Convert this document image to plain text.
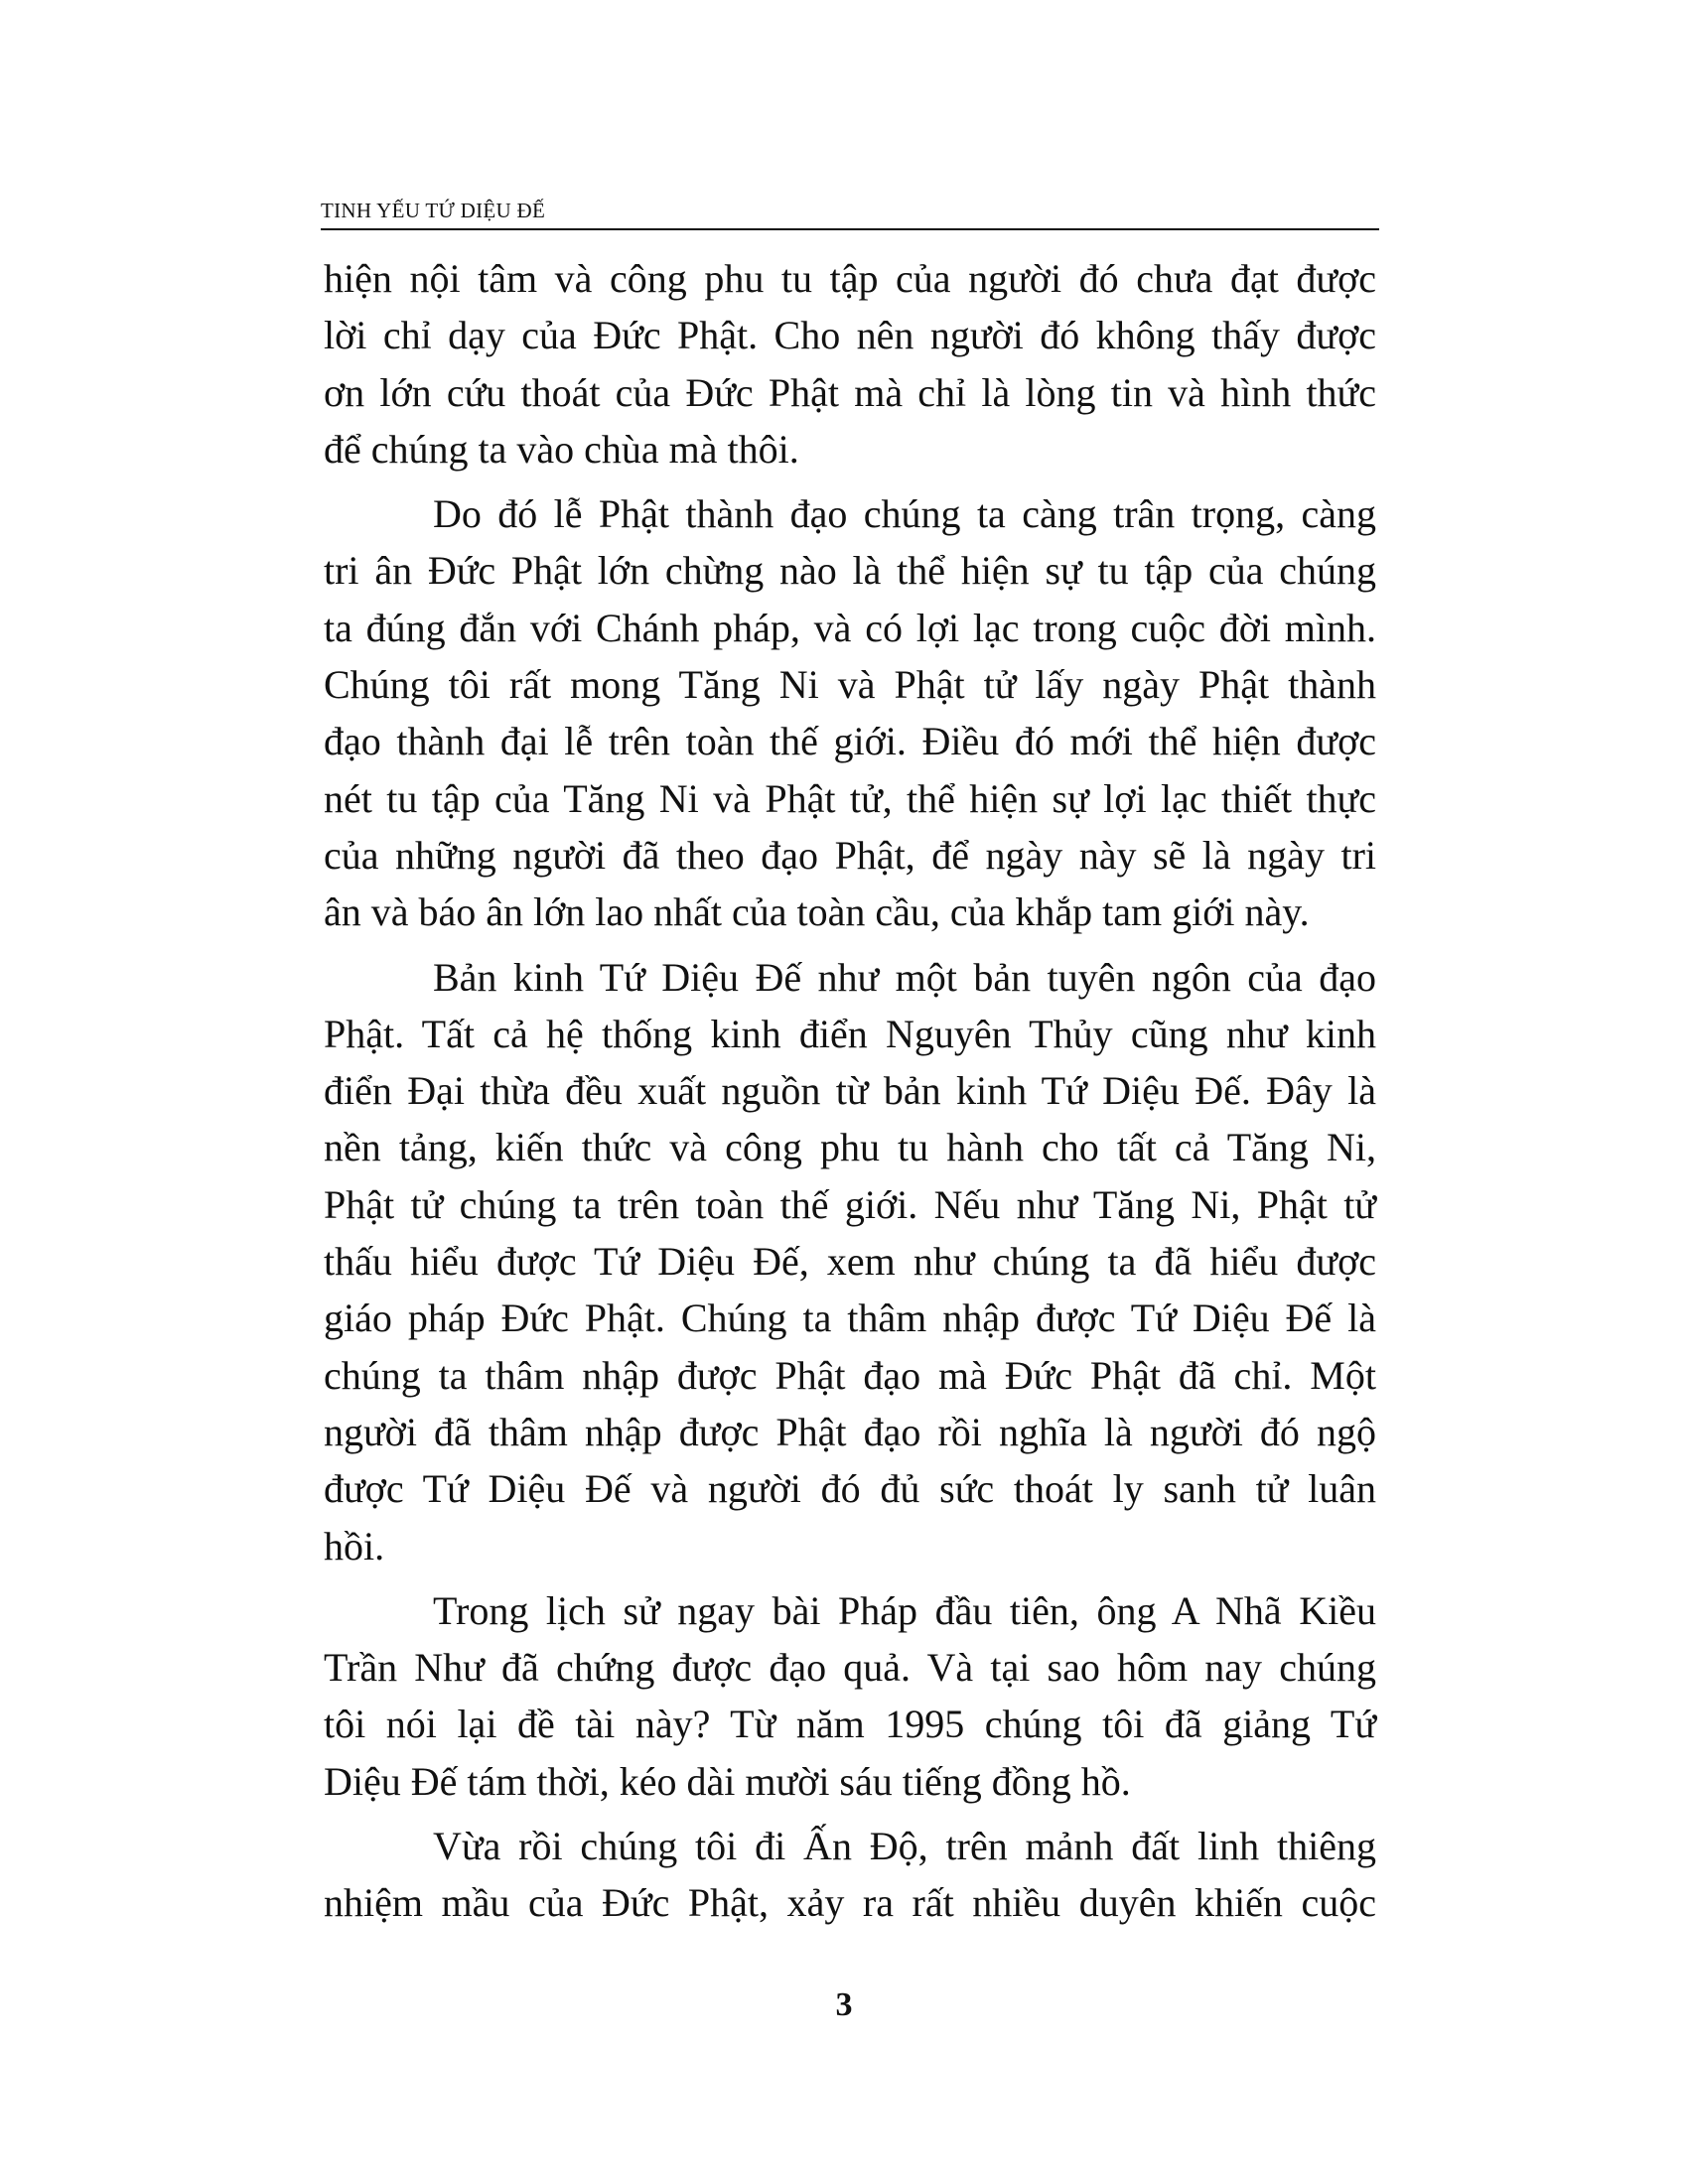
TINH YẾU TỨ DIỆU ĐẾ

hiện nội tâm và công phu tu tập của người đó chưa đạt được
lời chỉ dạy của Đức Phật. Cho nên người đó không thấy được
ơn lớn cứu thoát của Đức Phật mà chỉ là lòng tin và hình thức
để chúng ta vào chùa mà thôi.

Do đó lễ Phật thành đạo chúng ta càng trân trọng, càng
tri ân Đức Phật lớn chừng nào là thể hiện sự tu tập của chúng
ta đúng đắn với Chánh pháp, và có lợi lạc trong cuộc đời mình.
Chúng tôi rất mong Tăng Ni và Phật tử lấy ngày Phật thành
đạo thành đại lễ trên toàn thế giới. Điều đó mới thể hiện được
nét tu tập của Tăng Ni và Phật tử, thể hiện sự lợi lạc thiết thực
của những người đã theo đạo Phật, để ngày này sẽ là ngày tri
ân và báo ân lớn lao nhất của toàn cầu, của khắp tam giới này.

Bản kinh Tứ Diệu Đế như một bản tuyên ngôn của đạo
Phật. Tất cả hệ thống kinh điển Nguyên Thủy cũng như kinh
điển Đại thừa đều xuất nguồn từ bản kinh Tứ Diệu Đế. Đây là
nền tảng, kiến thức và công phu tu hành cho tất cả Tăng Ni,
Phật tử chúng ta trên toàn thế giới. Nếu như Tăng Ni, Phật tử
thấu hiểu được Tứ Diệu Đế, xem như chúng ta đã hiểu được
giáo pháp Đức Phật. Chúng ta thâm nhập được Tứ Diệu Đế là
chúng ta thâm nhập được Phật đạo mà Đức Phật đã chỉ. Một
người đã thâm nhập được Phật đạo rồi nghĩa là người đó ngộ
được Tứ Diệu Đế và người đó đủ sức thoát ly sanh tử luân
hồi.

Trong lịch sử ngay bài Pháp đầu tiên, ông A Nhã Kiều
Trần Như đã chứng được đạo quả. Và tại sao hôm nay chúng
tôi nói lại đề tài này? Từ năm 1995 chúng tôi đã giảng Tứ
Diệu Đế tám thời, kéo dài mười sáu tiếng đồng hồ.

Vừa rồi chúng tôi đi Ấn Độ, trên mảnh đất linh thiêng
nhiệm mầu của Đức Phật, xảy ra rất nhiều duyên khiến cuộc

3
